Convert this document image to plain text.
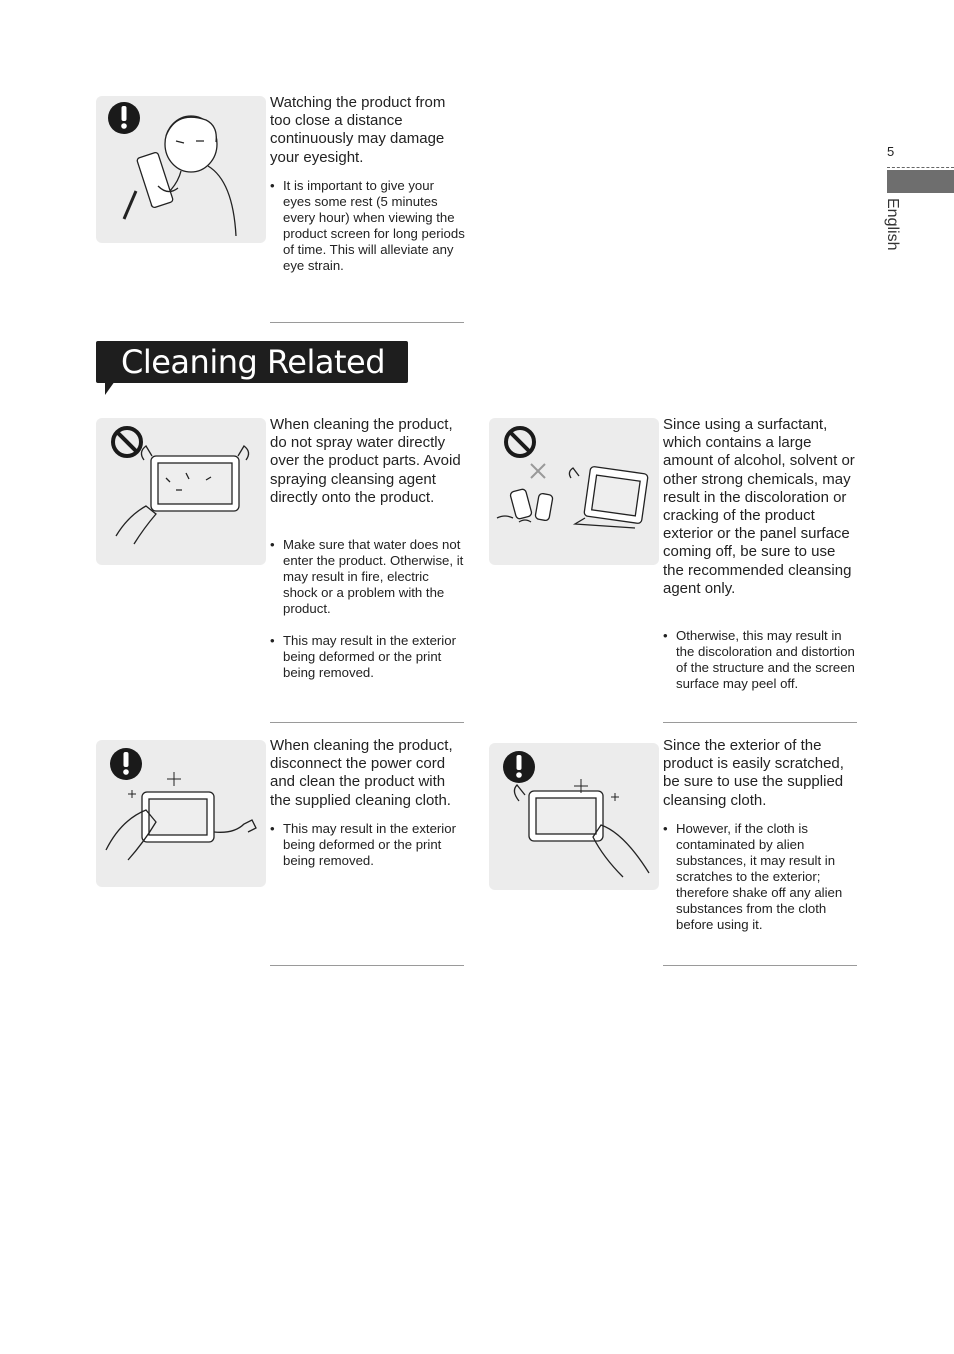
5
English

Watching the product from too close a distance continuously may damage your eyesight.

• It is important to give your eyes some rest (5 minutes every hour) when viewing the product screen for long periods of time. This will alleviate any eye strain.
Cleaning Related

When cleaning the product, do not spray water directly over the product parts. Avoid spraying cleansing agent directly onto the product.

• Make sure that water does not enter the product. Otherwise, it may result in fire, electric shock or a problem with the product.
• This may result in the exterior being deformed or the print being removed.

Since using a surfactant, which contains a large amount of alcohol, solvent or other strong chemicals, may result in the discoloration or cracking of the product exterior or the panel surface coming off, be sure to use the recommended cleansing agent only.

• Otherwise, this may result in the discoloration and distortion of the structure and the screen surface may peel off.

When cleaning the product, disconnect the power cord and clean the product with the supplied cleaning cloth.

• This may result in the exterior being deformed or the print being removed.

Since the exterior of the product is easily scratched, be sure to use the supplied cleansing cloth.

• However, if the cloth is contaminated by alien substances, it may result in scratches to the exterior; therefore shake off any alien substances from the cloth before using it.
